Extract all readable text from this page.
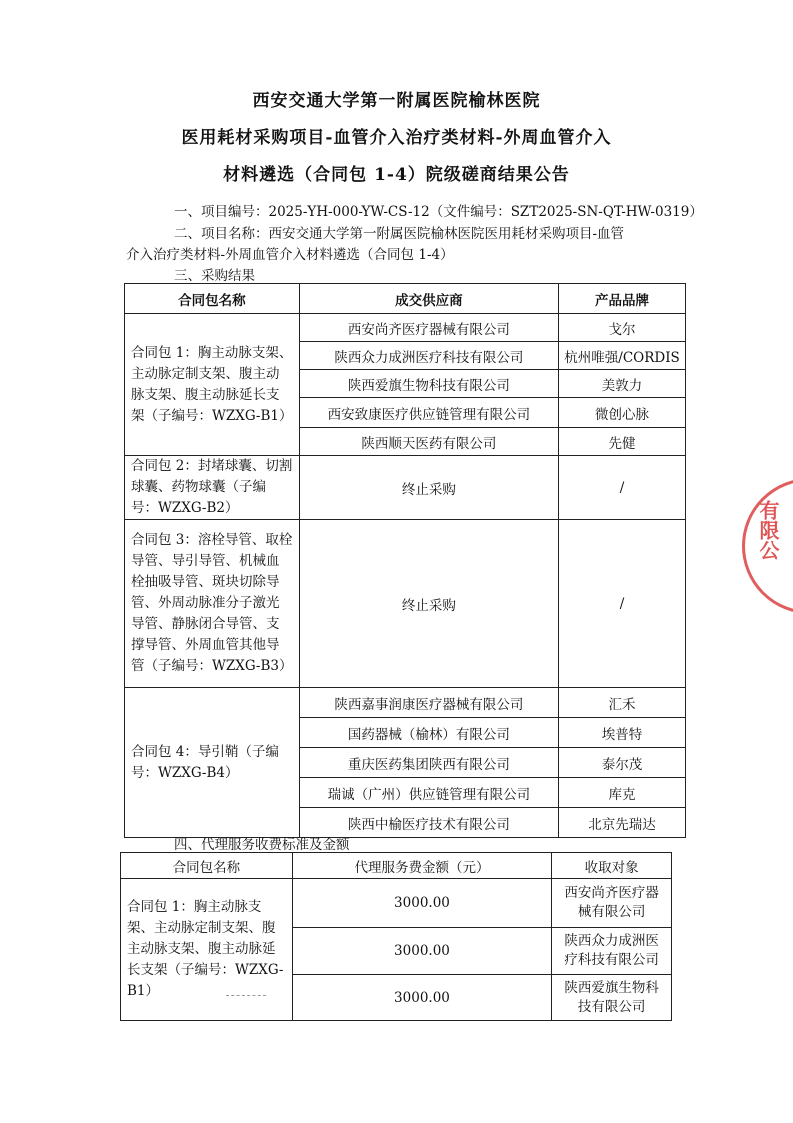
西安交通大学第一附属医院榆林医院
医用耗材采购项目-血管介入治疗类材料-外周血管介入
材料遴选（合同包 1-4）院级磋商结果公告
一、项目编号：2025-YH-000-YW-CS-12（文件编号：SZT2025-SN-QT-HW-0319）
二、项目名称：西安交通大学第一附属医院榆林医院医用耗材采购项目-血管
介入治疗类材料-外周血管介入材料遴选（合同包 1-4）
三、采购结果
合同包名称	成交供应商	产品品牌
合同包 1：胸主动脉支架、主动脉定制支架、腹主动脉支架、腹主动脉延长支架（子编号：WZXG-B1）	西安尚齐医疗器械有限公司	戈尔
	陕西众力成洲医疗科技有限公司	杭州唯强/CORDIS
	陕西爱旗生物科技有限公司	美敦力
	西安致康医疗供应链管理有限公司	微创心脉
	陕西顺天医药有限公司	先健
合同包 2：封堵球囊、切割球囊、药物球囊（子编号：WZXG-B2）	终止采购	/
合同包 3：溶栓导管、取栓导管、导引导管、机械血栓抽吸导管、斑块切除导管、外周动脉准分子激光导管、静脉闭合导管、支撑导管、外周血管其他导管（子编号：WZXG-B3）	终止采购	/
合同包 4：导引鞘（子编号：WZXG-B4）	陕西嘉事润康医疗器械有限公司	汇禾
	国药器械（榆林）有限公司	埃普特
	重庆医药集团陕西有限公司	泰尔茂
	瑞诚（广州）供应链管理有限公司	库克
	陕西中榆医疗技术有限公司	北京先瑞达
四、代理服务收费标准及金额
合同包名称	代理服务费金额（元）	收取对象
合同包 1：胸主动脉支架、主动脉定制支架、腹主动脉支架、腹主动脉延长支架（子编号：WZXG-B1）	3000.00	西安尚齐医疗器械有限公司
	3000.00	陕西众力成洲医疗科技有限公司
	3000.00	陕西爱旗生物科技有限公司
有限公
